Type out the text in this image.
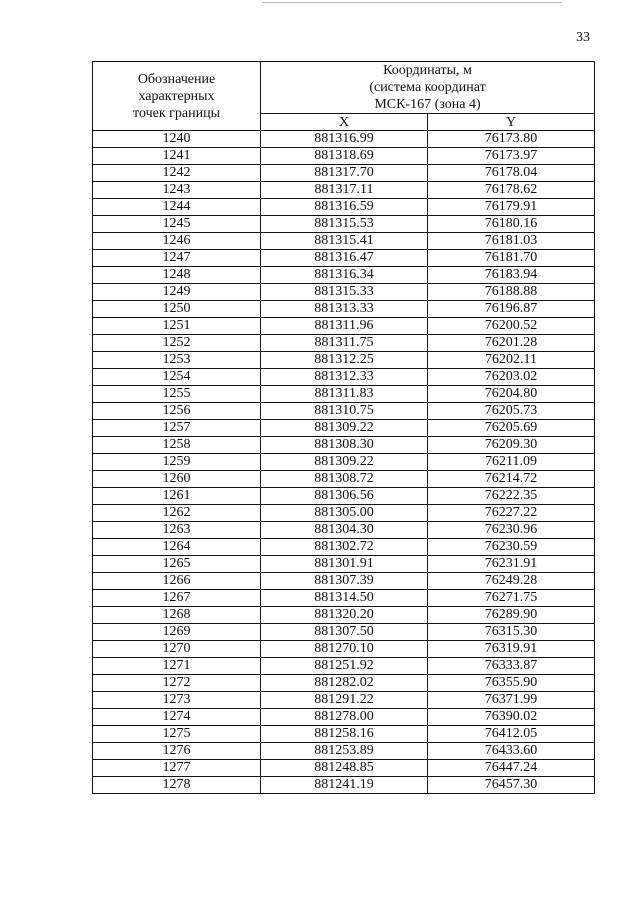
33
Обозначение
характерных
точек границы	Координаты, м
(система координат
МСК-167 (зона 4)	

	X	Y
1240	881316.99	76173.80
1241	881318.69	76173.97
1242	881317.70	76178.04
1243	881317.11	76178.62
1244	881316.59	76179.91
1245	881315.53	76180.16
1246	881315.41	76181.03
1247	881316.47	76181.70
1248	881316.34	76183.94
1249	881315.33	76188.88
1250	881313.33	76196.87
1251	881311.96	76200.52
1252	881311.75	76201.28
1253	881312.25	76202.11
1254	881312.33	76203.02
1255	881311.83	76204.80
1256	881310.75	76205.73
1257	881309.22	76205.69
1258	881308.30	76209.30
1259	881309.22	76211.09
1260	881308.72	76214.72
1261	881306.56	76222.35
1262	881305.00	76227.22
1263	881304.30	76230.96
1264	881302.72	76230.59
1265	881301.91	76231.91
1266	881307.39	76249.28
1267	881314.50	76271.75
1268	881320.20	76289.90
1269	881307.50	76315.30
1270	881270.10	76319.91
1271	881251.92	76333.87
1272	881282.02	76355.90
1273	881291.22	76371.99
1274	881278.00	76390.02
1275	881258.16	76412.05
1276	881253.89	76433.60
1277	881248.85	76447.24
1278	881241.19	76457.30
